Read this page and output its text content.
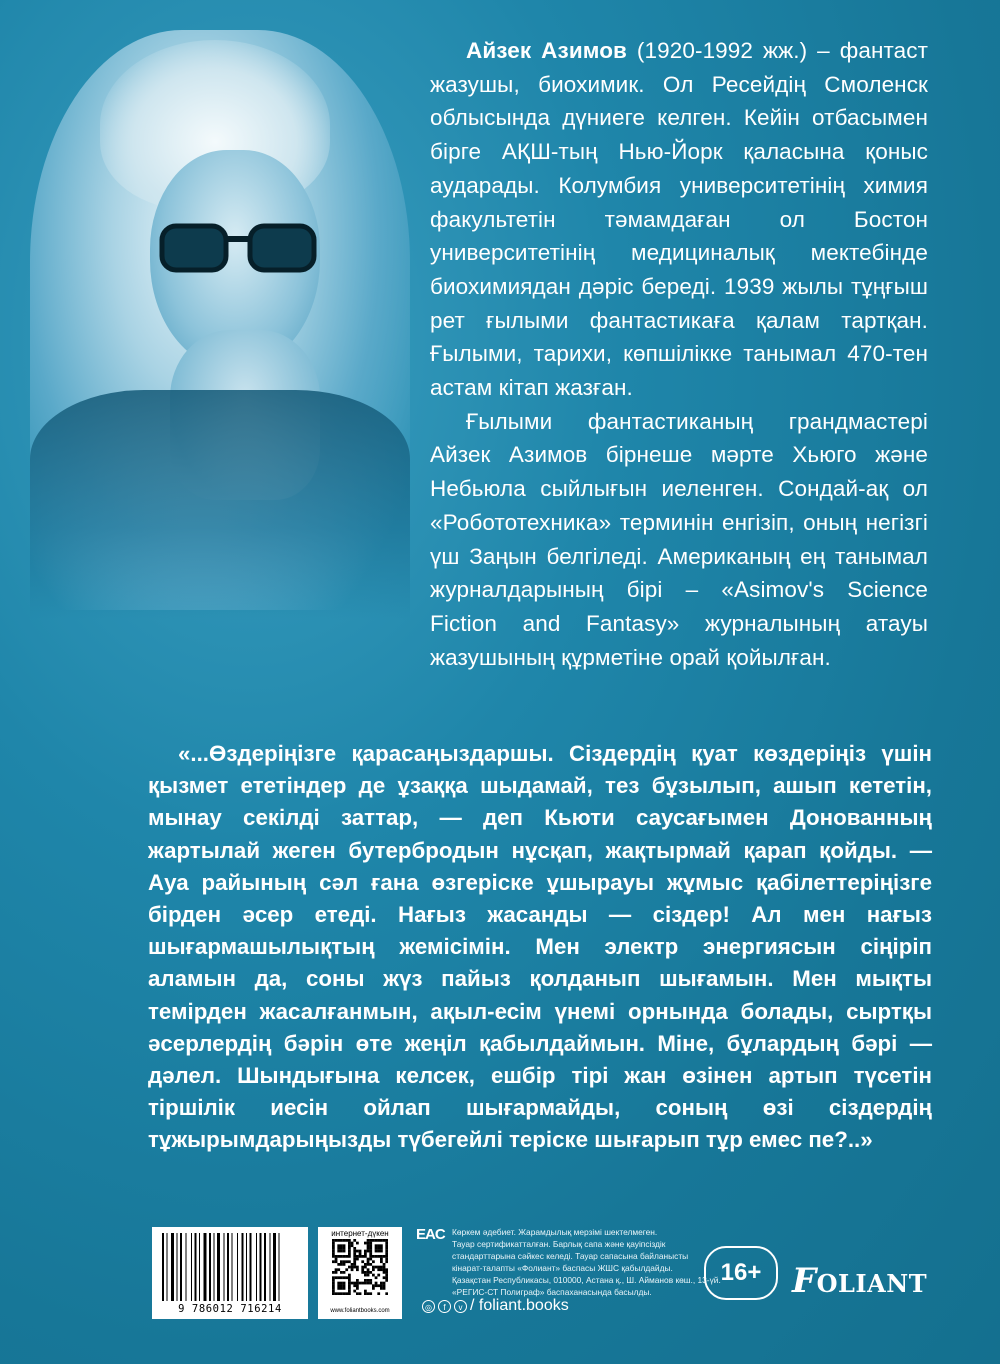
Айзек Азимов (1920-1992 жж.) – фантаст жазушы, биохимик. Ол Ресейдің Смоленск облысында дүниеге келген. Кейін отбасымен бірге АҚШ-тың Нью-Йорк қаласына қоныс аударады. Колумбия университетінің химия факультетін тәмамдаған ол Бостон университетінің медициналық мектебінде биохимиядан дәріс береді. 1939 жылы тұңғыш рет ғылыми фантастикаға қалам тартқан. Ғылыми, тарихи, көпшілікке танымал 470-тен астам кітап жазған.

Ғылыми фантастиканың грандмастері Айзек Азимов бірнеше мәрте Хьюго және Небьюла сыйлығын иеленген. Сондай-ақ ол «Робототехника» терминін енгізіп, оның негізгі үш Заңын белгіледі. Американың ең танымал журналдарының бірі – «Asimov's Science Fiction and Fantasy» журналының атауы жазушының құрметіне орай қойылған.

«...Өздеріңізге қарасаңыздаршы. Сіздердің қуат көздеріңіз үшін қызмет ететіндер де ұзаққа шыдамай, тез бұзылып, ашып кететін, мынау секілді заттар, — деп Кьюти саусағымен Донованның жартылай жеген бутербродын нұсқап, жақтырмай қарап қойды. — Ауа райының сәл ғана өзгеріске ұшырауы жұмыс қабілеттеріңізге бірден әсер етеді. Нағыз жасанды — сіздер! Ал мен нағыз шығармашылықтың жемісімін. Мен электр энергиясын сіңіріп аламын да, соны жүз пайыз қолданып шығамын. Мен мықты темірден жасалғанмын, ақыл-есім үнемі орнында болады, сыртқы әсерлердің бәрін өте жеңіл қабылдаймын. Міне, бұлардың бәрі — дәлел. Шындығына келсек, ешбір тірі жан өзінен артып түсетін тіршілік иесін ойлап шығармайды, соның өзі сіздердің тұжырымдарыңызды түбегейлі теріске шығарып тұр емес пе?..»

9 786012 716214
интернет-дүкен
www.foliantbooks.com
EAC Көркем әдебиет. Жарамдылық мерзімі шектелмеген.
Тауар сертификатталған. Барлық сапа және қауіпсіздік
стандарттарына сәйкес келеді. Тауар сапасына байланысты
кінарат-талапты «Фолиант» баспасы ЖШС қабылдайды.
Қазақстан Республикасы, 010000, Астана қ., Ш. Айманов көш., 13-үй.
«РЕГИС-СТ Полиграф» баспаханасында басылды.
◎	f	v / foliant.books
16+ FOLIANT
